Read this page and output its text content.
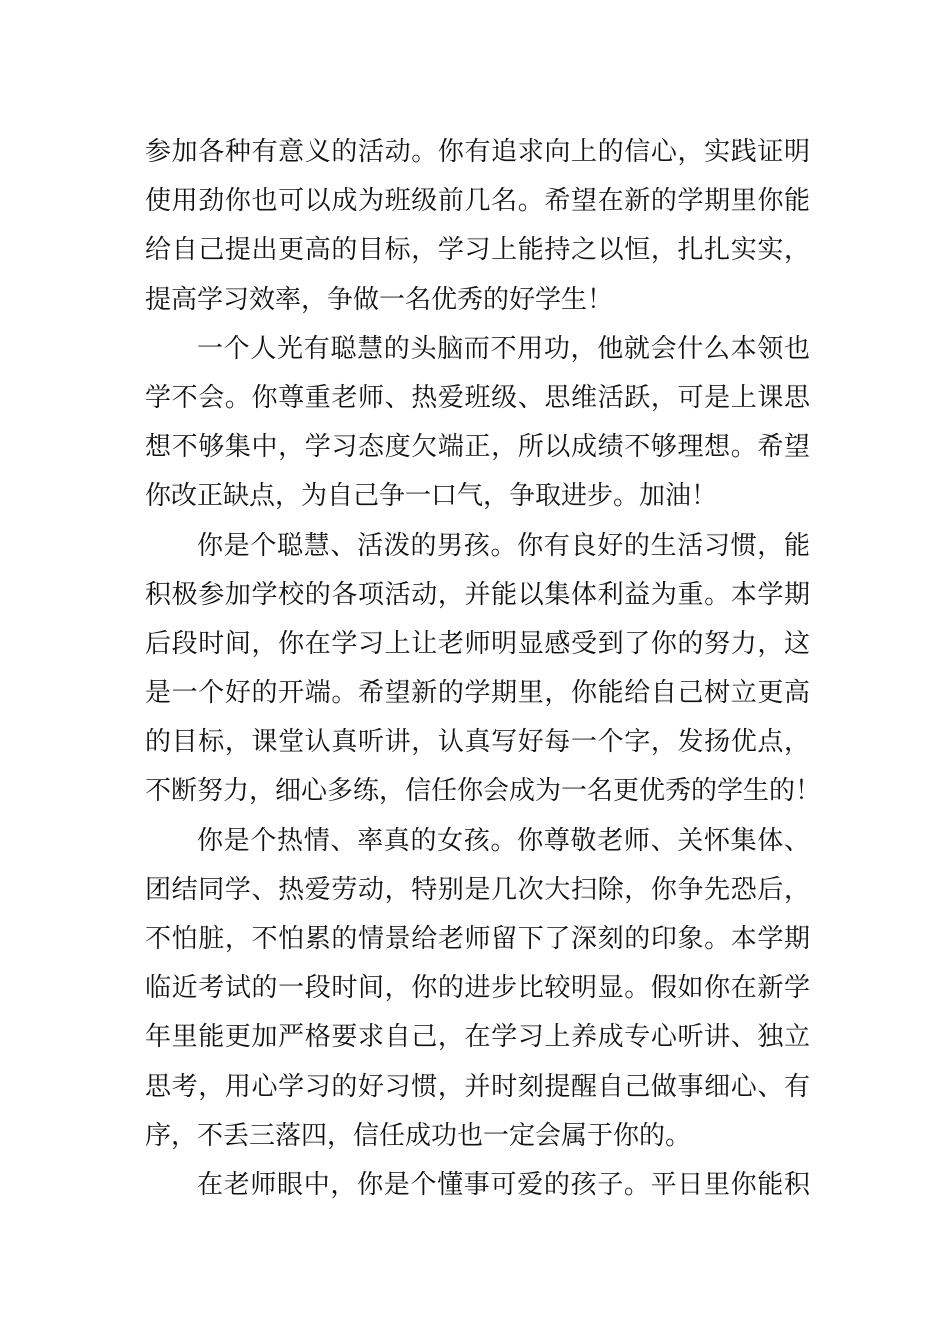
参加各种有意义的活动。你有追求向上的信心，实践证明
使用劲你也可以成为班级前几名。希望在新的学期里你能
给自己提出更高的目标，学习上能持之以恒，扎扎实实，
提高学习效率，争做一名优秀的好学生！
一个人光有聪慧的头脑而不用功，他就会什么本领也
学不会。你尊重老师、热爱班级、思维活跃，可是上课思
想不够集中，学习态度欠端正，所以成绩不够理想。希望
你改正缺点，为自己争一口气，争取进步。加油！
你是个聪慧、活泼的男孩。你有良好的生活习惯，能
积极参加学校的各项活动，并能以集体利益为重。本学期
后段时间，你在学习上让老师明显感受到了你的努力，这
是一个好的开端。希望新的学期里，你能给自己树立更高
的目标，课堂认真听讲，认真写好每一个字，发扬优点，
不断努力，细心多练，信任你会成为一名更优秀的学生的！
你是个热情、率真的女孩。你尊敬老师、关怀集体、
团结同学、热爱劳动，特别是几次大扫除，你争先恐后，
不怕脏，不怕累的情景给老师留下了深刻的印象。本学期
临近考试的一段时间，你的进步比较明显。假如你在新学
年里能更加严格要求自己，在学习上养成专心听讲、独立
思考，用心学习的好习惯，并时刻提醒自己做事细心、有
序，不丢三落四，信任成功也一定会属于你的。
在老师眼中，你是个懂事可爱的孩子。平日里你能积
